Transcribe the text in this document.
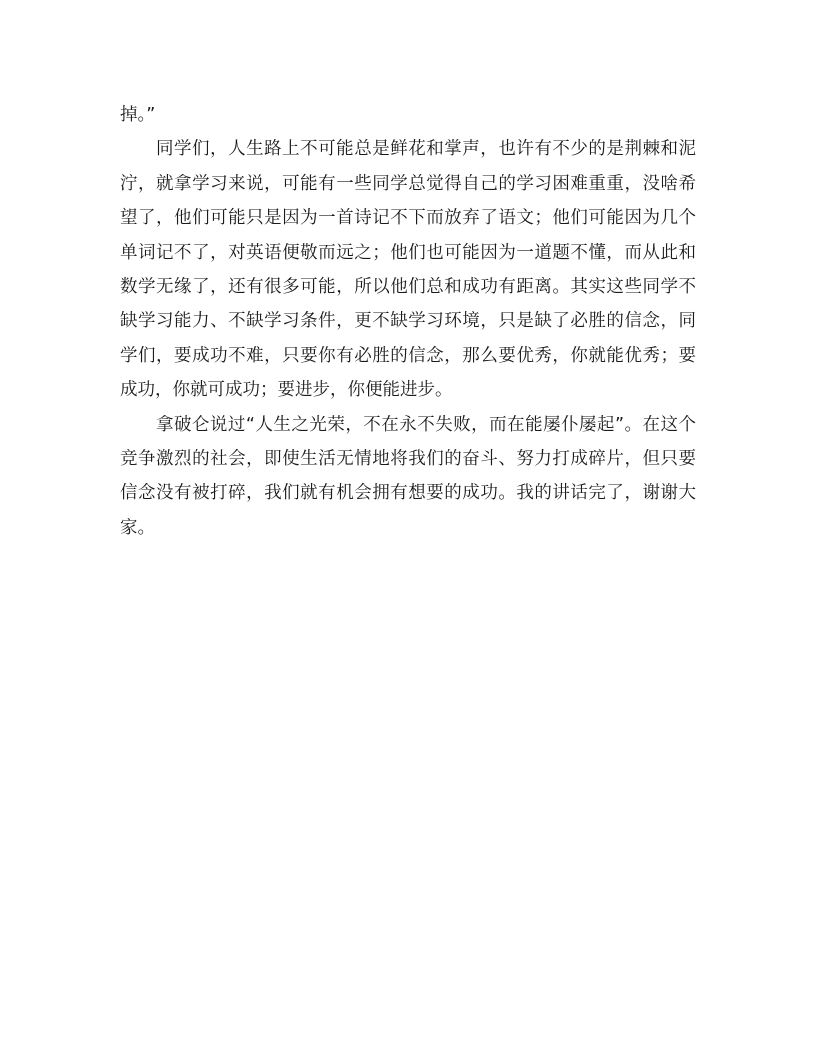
掉。”

同学们，人生路上不可能总是鲜花和掌声，也许有不少的是荆棘和泥泞，就拿学习来说，可能有一些同学总觉得自己的学习困难重重，没啥希望了，他们可能只是因为一首诗记不下而放弃了语文；他们可能因为几个单词记不了，对英语便敬而远之；他们也可能因为一道题不懂，而从此和数学无缘了，还有很多可能，所以他们总和成功有距离。其实这些同学不缺学习能力、不缺学习条件，更不缺学习环境，只是缺了必胜的信念，同学们，要成功不难，只要你有必胜的信念，那么要优秀，你就能优秀；要成功，你就可成功；要进步，你便能进步。

拿破仑说过“人生之光荣，不在永不失败，而在能屡仆屡起”。在这个竞争激烈的社会，即使生活无情地将我们的奋斗、努力打成碎片，但只要信念没有被打碎，我们就有机会拥有想要的成功。我的讲话完了，谢谢大家。
